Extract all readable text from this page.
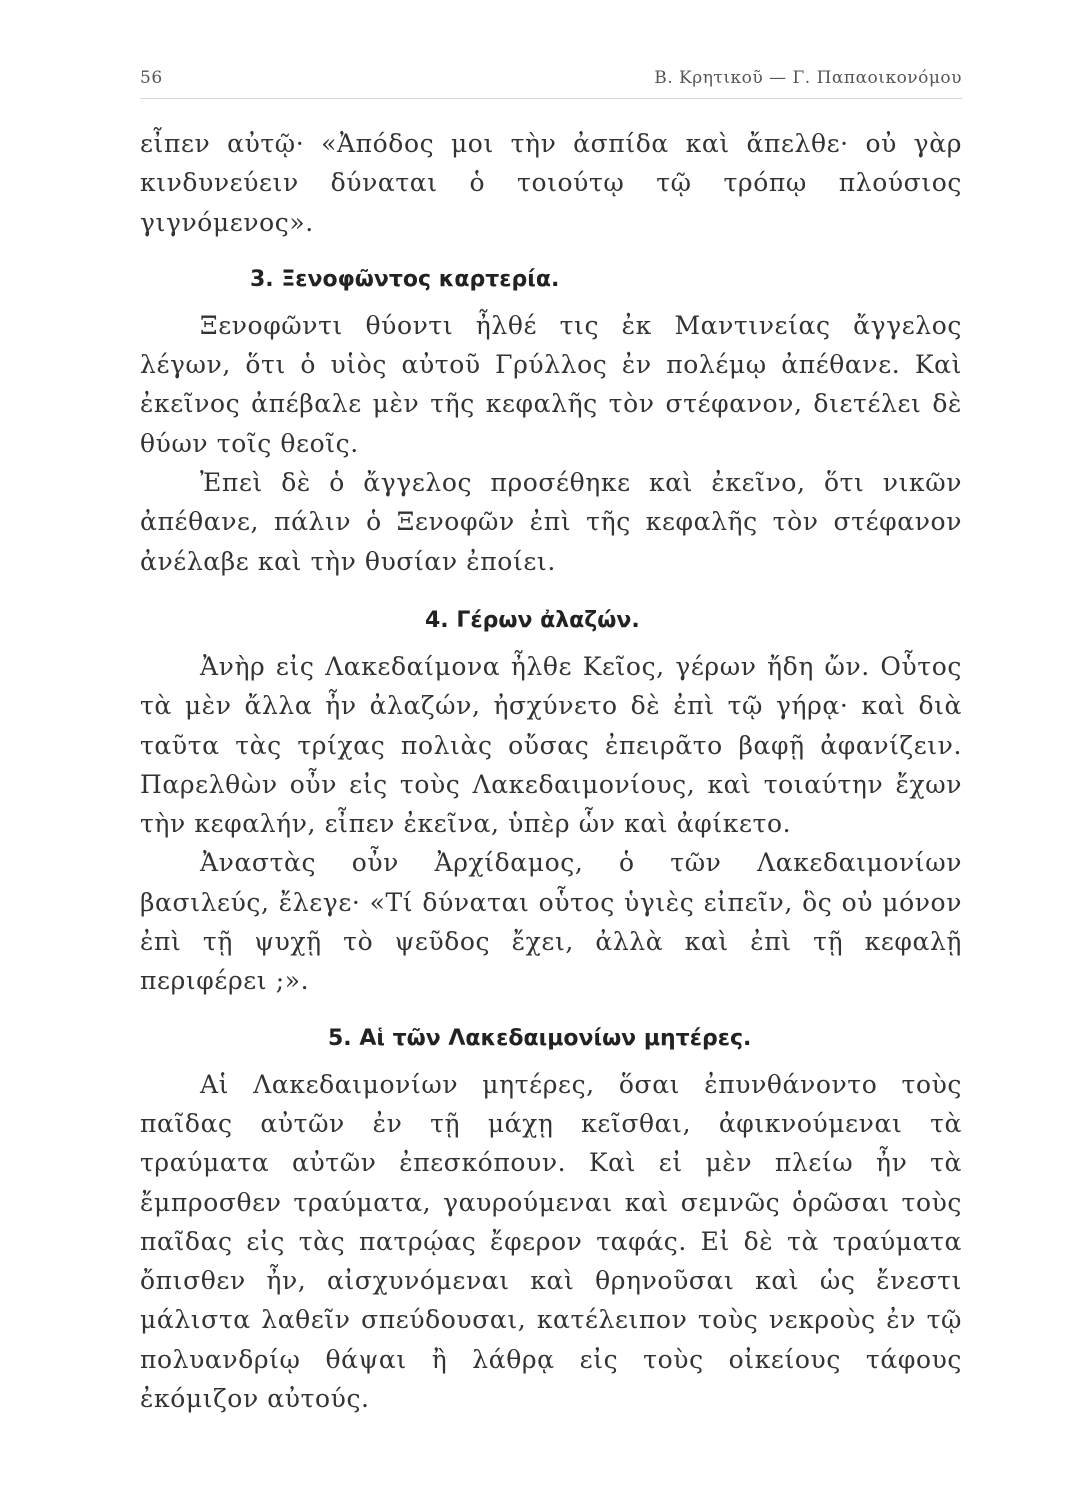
56	Β. Κρητικοῦ — Γ. Παπαοικονόμου

εἶπεν αὐτῷ· «Ἀπόδος μοι τὴν ἀσπίδα καὶ ἄπελθε· οὐ γὰρ κινδυνεύειν δύναται ὁ τοιούτῳ τῷ τρόπῳ πλούσιος γιγνόμενος».

3. Ξενοφῶντος καρτερία.

Ξενοφῶντι θύοντι ἦλθέ τις ἐκ Μαντινείας ἄγγελος λέγων, ὅτι ὁ υἱὸς αὐτοῦ Γρύλλος ἐν πολέμῳ ἀπέθανε. Καὶ ἐκεῖνος ἀπέβαλε μὲν τῆς κεφαλῆς τὸν στέφανον, διετέλει δὲ θύων τοῖς θεοῖς.

Ἐπεὶ δὲ ὁ ἄγγελος προσέθηκε καὶ ἐκεῖνο, ὅτι νικῶν ἀπέθανε, πάλιν ὁ Ξενοφῶν ἐπὶ τῆς κεφαλῆς τὸν στέφανον ἀνέλαβε καὶ τὴν θυσίαν ἐποίει.

4. Γέρων ἀλαζών.

Ἀνὴρ εἰς Λακεδαίμονα ἦλθε Κεῖος, γέρων ἤδη ὤν. Οὗτος τὰ μὲν ἄλλα ἦν ἀλαζών, ἠσχύνετο δὲ ἐπὶ τῷ γήρᾳ· καὶ διὰ ταῦτα τὰς τρίχας πολιὰς οὔσας ἐπειρᾶτο βαφῇ ἀφανίζειν. Παρελθὼν οὖν εἰς τοὺς Λακεδαιμονίους, καὶ τοιαύτην ἔχων τὴν κεφαλήν, εἶπεν ἐκεῖνα, ὑπὲρ ὧν καὶ ἀφίκετο.

Ἀναστὰς οὖν Ἀρχίδαμος, ὁ τῶν Λακεδαιμονίων βασιλεύς, ἔλεγε· «Τί δύναται οὗτος ὑγιὲς εἰπεῖν, ὃς οὐ μόνον ἐπὶ τῇ ψυχῇ τὸ ψεῦδος ἔχει, ἀλλὰ καὶ ἐπὶ τῇ κεφαλῇ περιφέρει ;».

5. Αἱ τῶν Λακεδαιμονίων μητέρες.

Αἱ Λακεδαιμονίων μητέρες, ὅσαι ἐπυνθάνοντο τοὺς παῖδας αὐτῶν ἐν τῇ μάχῃ κεῖσθαι, ἀφικνούμεναι τὰ τραύματα αὐτῶν ἐπεσκόπουν. Καὶ εἰ μὲν πλείω ἦν τὰ ἔμπροσθεν τραύματα, γαυρούμεναι καὶ σεμνῶς ὁρῶσαι τοὺς παῖδας εἰς τὰς πατρῴας ἔφερον ταφάς. Εἰ δὲ τὰ τραύματα ὄπισθεν ἦν, αἰσχυνόμεναι καὶ θρηνοῦσαι καὶ ὡς ἔνεστι μάλιστα λαθεῖν σπεύδουσαι, κατέλειπον τοὺς νεκροὺς ἐν τῷ πολυανδρίῳ θάψαι ἢ λάθρᾳ εἰς τοὺς οἰκείους τάφους ἐκόμιζον αὐτούς.
